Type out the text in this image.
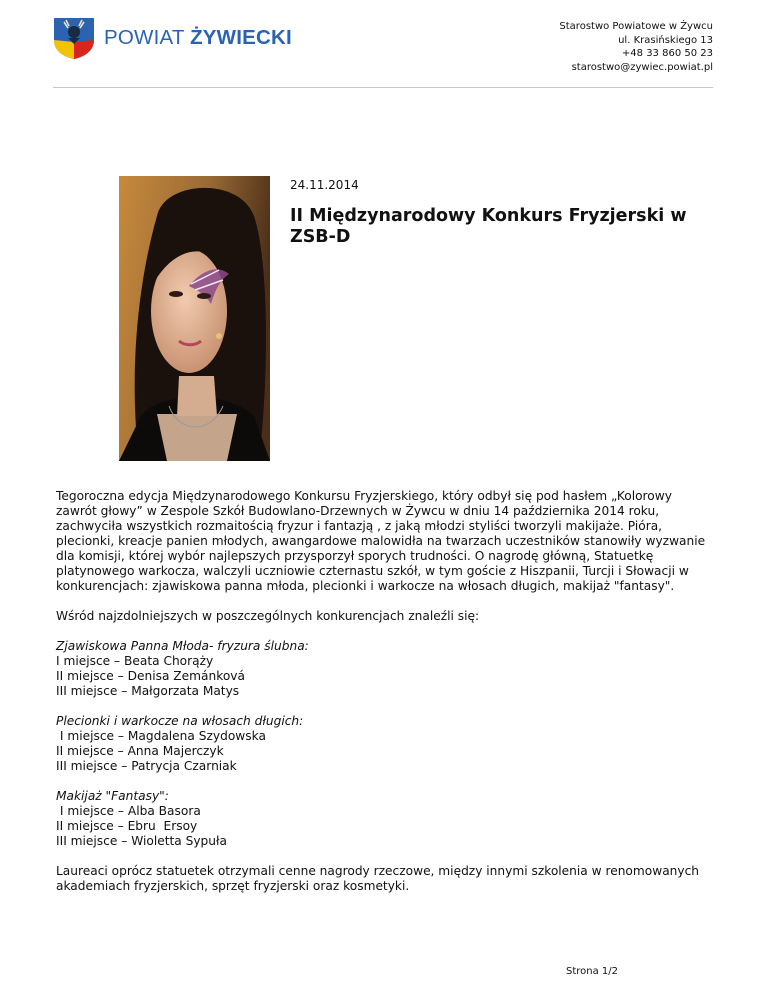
POWIAT ŻYWIECKI	Starostwo Powiatowe w Żywcu
ul. Krasińskiego 13
+48 33 860 50 23
starostwo@zywiec.powiat.pl
24.11.2014
II Międzynarodowy Konkurs Fryzjerski w ZSB-D

Tegoroczna edycja Międzynarodowego Konkursu Fryzjerskiego, który odbył się pod hasłem „Kolorowy zawrót głowy” w Zespole Szkół Budowlano-Drzewnych w Żywcu w dniu 14 października 2014 roku, zachwyciła wszystkich rozmaitością fryzur i fantazją , z jaką młodzi styliści tworzyli makijaże. Pióra, plecionki, kreacje panien młodych, awangardowe malowidła na twarzach uczestników stanowiły wyzwanie dla komisji, której wybór najlepszych przysporzył sporych trudności. O nagrodę główną, Statuetkę platynowego warkocza, walczyli uczniowie czternastu szkół, w tym goście z Hiszpanii, Turcji i Słowacji w konkurencjach: zjawiskowa panna młoda, plecionki i warkocze na włosach długich, makijaż "fantasy".

Wśród najzdolniejszych w poszczególnych konkurencjach znaleźli się:

Zjawiskowa Panna Młoda- fryzura ślubna:
I miejsce – Beata Chorąży
II miejsce – Denisa Zemánková
III miejsce – Małgorzata Matys

Plecionki i warkocze na włosach długich:
I miejsce – Magdalena Szydowska
II miejsce – Anna Majerczyk
III miejsce – Patrycja Czarniak

Makijaż "Fantasy":
I miejsce – Alba Basora
II miejsce – Ebru  Ersoy
III miejsce – Wioletta Sypuła

Laureaci oprócz statuetek otrzymali cenne nagrody rzeczowe, między innymi szkolenia w renomowanych akademiach fryzjerskich, sprzęt fryzjerski oraz kosmetyki.

Strona 1/2
